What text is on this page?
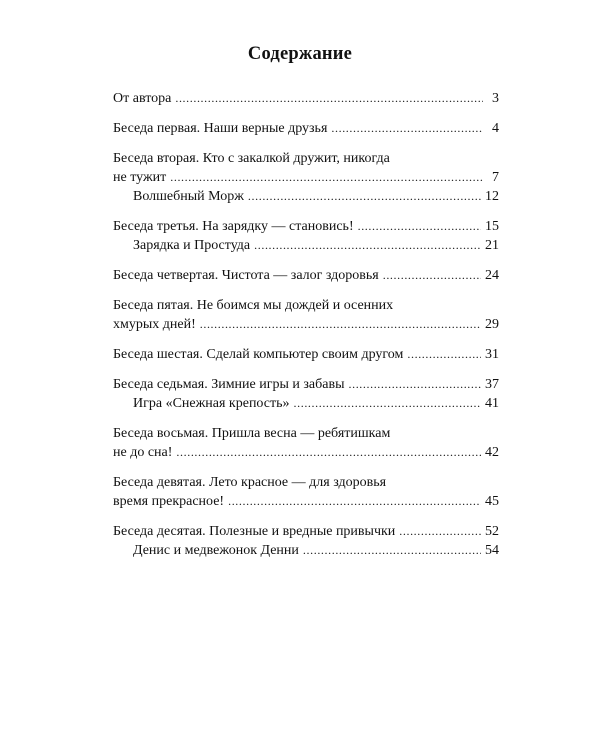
Содержание
От автора .....	3
Беседа первая. Наши верные друзья .....	4
Беседа вторая. Кто с закалкой дружит, никогда
не тужит .....	7
Волшебный Морж .....	12
Беседа третья. На зарядку — становись! .....	15
Зарядка и Простуда .....	21
Беседа четвертая. Чистота — залог здоровья .....	24
Беседа пятая. Не боимся мы дождей и осенних
хмурых дней! .....	29
Беседа шестая. Сделай компьютер своим другом .....	31
Беседа седьмая. Зимние игры и забавы .....	37
Игра «Снежная крепость» .....	41
Беседа восьмая. Пришла весна — ребятишкам
не до сна! .....	42
Беседа девятая. Лето красное — для здоровья
время прекрасное! .....	45
Беседа десятая. Полезные и вредные привычки .....	52
Денис и медвежонок Денни .....	54
